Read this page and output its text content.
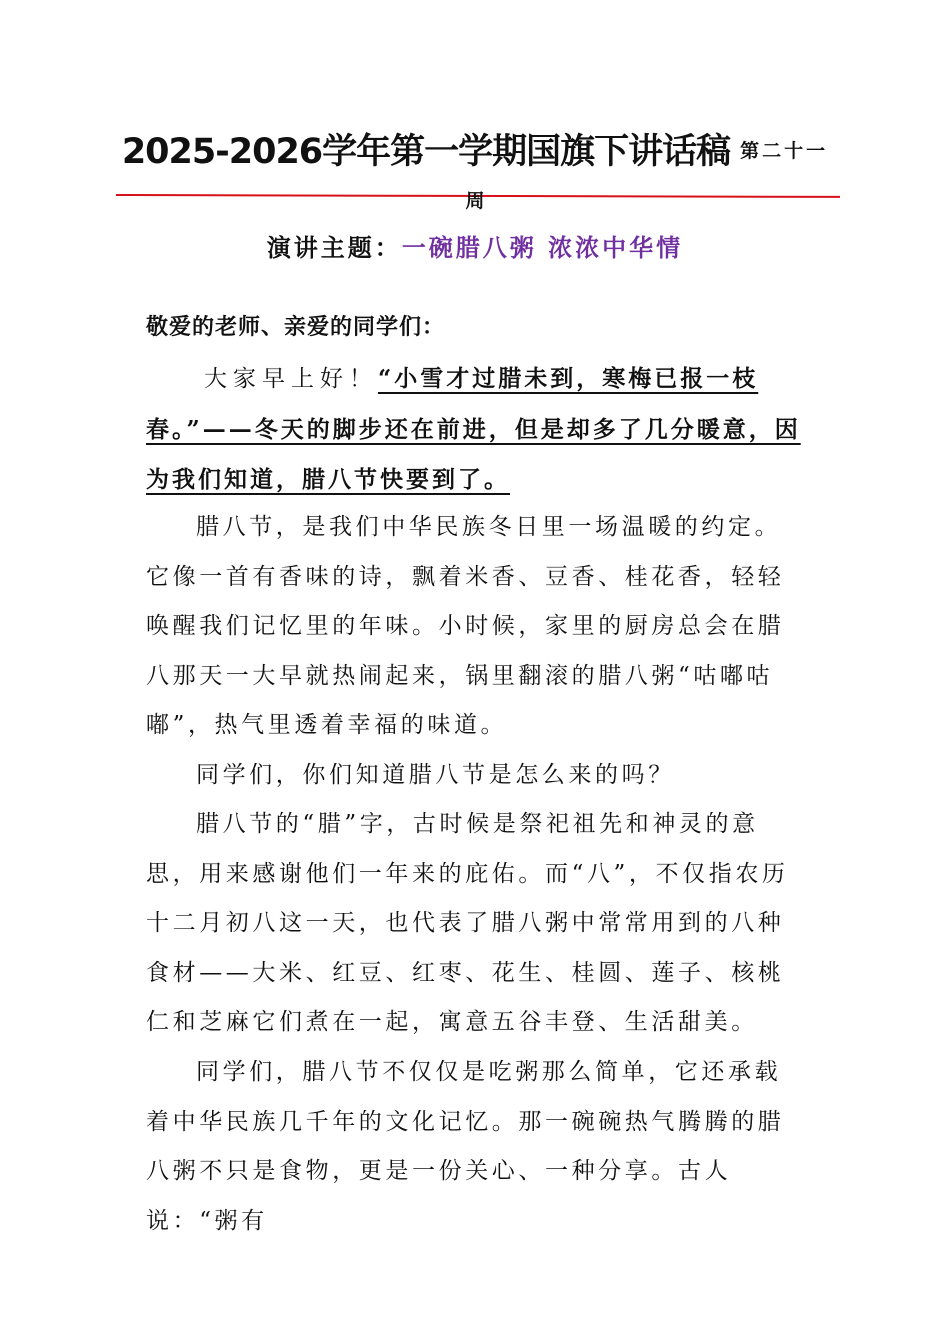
2025-2026学年第一学期国旗下讲话稿 第二十一
周
演讲主题：一碗腊八粥 浓浓中华情
敬爱的老师、亲爱的同学们：
　　大家早上好！“小雪才过腊未到，寒梅已报一枝春。”——冬天的脚步还在前进，但是却多了几分暖意，因为我们知道，腊八节快要到了。

腊八节，是我们中华民族冬日里一场温暖的约定。它像一首有香味的诗，飘着米香、豆香、桂花香，轻轻唤醒我们记忆里的年味。小时候，家里的厨房总会在腊八那天一大早就热闹起来，锅里翻滚的腊八粥“咕嘟咕嘟”，热气里透着幸福的味道。

同学们，你们知道腊八节是怎么来的吗？

腊八节的“腊”字，古时候是祭祀祖先和神灵的意思，用来感谢他们一年来的庇佑。而“八”，不仅指农历十二月初八这一天，也代表了腊八粥中常常用到的八种食材——大米、红豆、红枣、花生、桂圆、莲子、核桃仁和芝麻它们煮在一起，寓意五谷丰登、生活甜美。

同学们，腊八节不仅仅是吃粥那么简单，它还承载着中华民族几千年的文化记忆。那一碗碗热气腾腾的腊八粥不只是食物，更是一份关心、一种分享。古人说：“粥有
